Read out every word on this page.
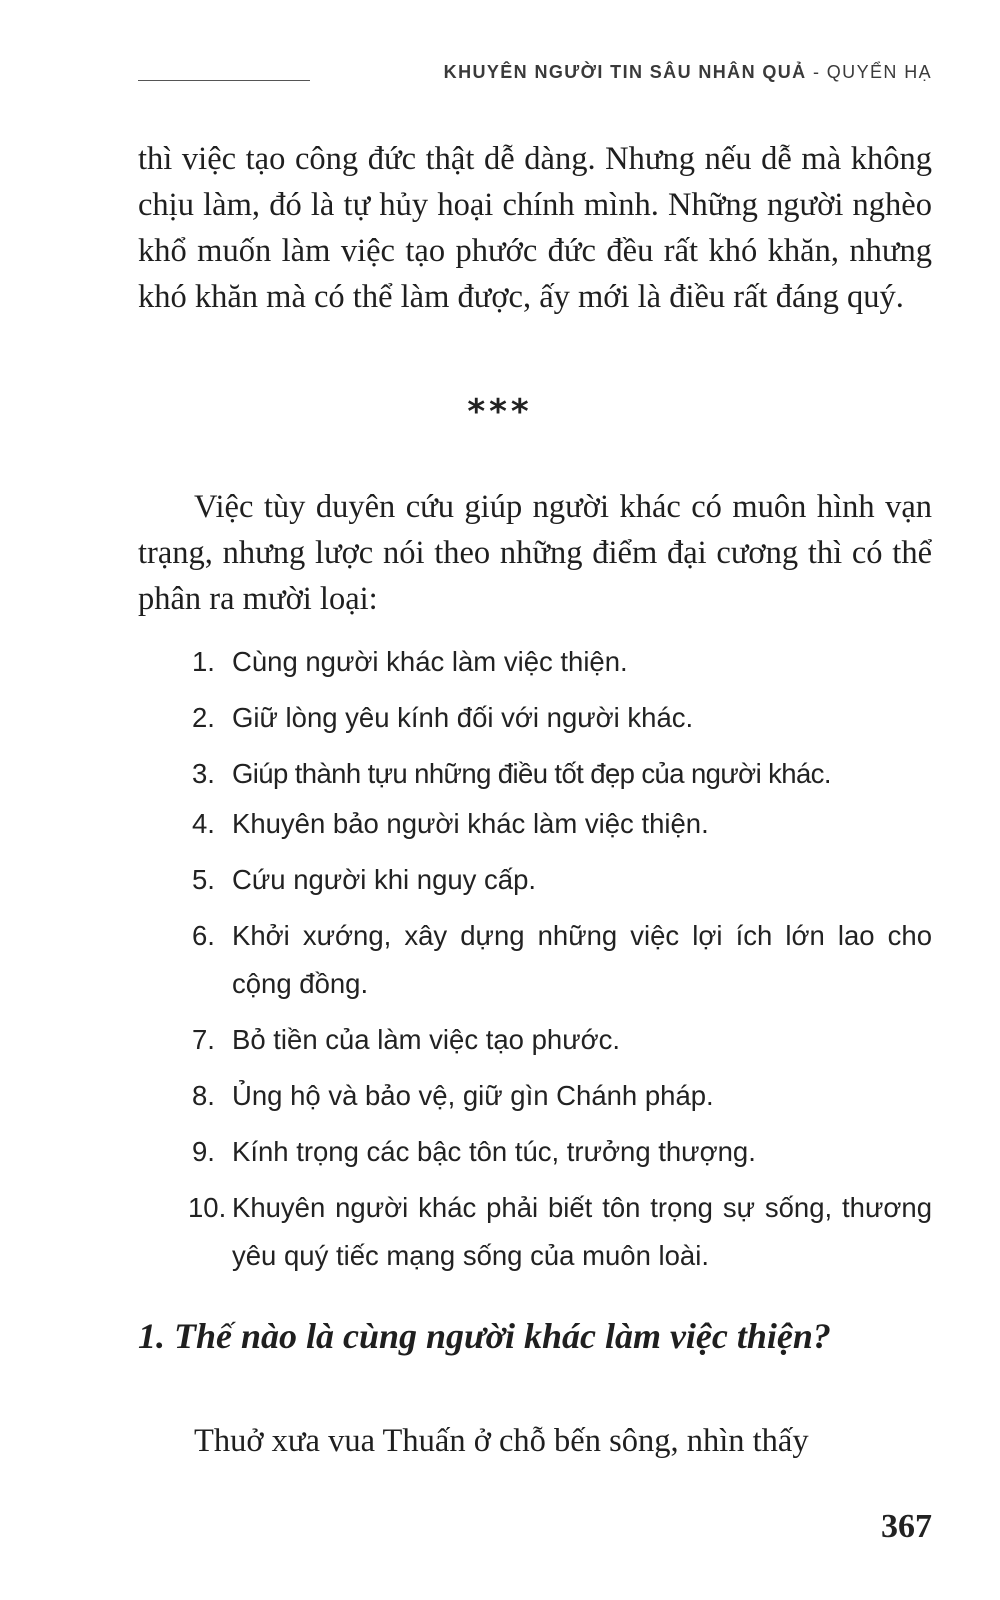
KHUYÊN NGƯỜI TIN SÂU NHÂN QUẢ - QUYỂN HẠ
thì việc tạo công đức thật dễ dàng. Nhưng nếu dễ mà không chịu làm, đó là tự hủy hoại chính mình. Những người nghèo khổ muốn làm việc tạo phước đức đều rất khó khăn, nhưng khó khăn mà có thể làm được, ấy mới là điều rất đáng quý.
***
Việc tùy duyên cứu giúp người khác có muôn hình vạn trạng, nhưng lược nói theo những điểm đại cương thì có thể phân ra mười loại:
1. Cùng người khác làm việc thiện.
2. Giữ lòng yêu kính đối với người khác.
3. Giúp thành tựu những điều tốt đẹp của người khác.
4. Khuyên bảo người khác làm việc thiện.
5. Cứu người khi nguy cấp.
6. Khởi xướng, xây dựng những việc lợi ích lớn lao cho cộng đồng.
7. Bỏ tiền của làm việc tạo phước.
8. Ủng hộ và bảo vệ, giữ gìn Chánh pháp.
9. Kính trọng các bậc tôn túc, trưởng thượng.
10. Khuyên người khác phải biết tôn trọng sự sống, thương yêu quý tiếc mạng sống của muôn loài.
1. Thế nào là cùng người khác làm việc thiện?
Thuở xưa vua Thuấn ở chỗ bến sông, nhìn thấy
367
